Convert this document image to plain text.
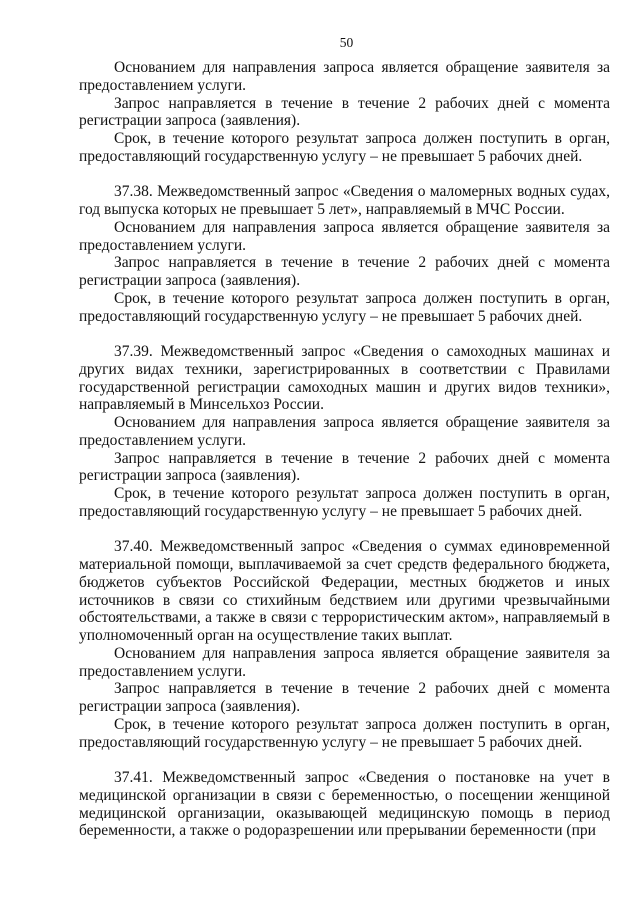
50
Основанием для направления запроса является обращение заявителя за предоставлением услуги.
Запрос направляется в течение в течение 2 рабочих дней с момента регистрации запроса (заявления).
Срок, в течение которого результат запроса должен поступить в орган, предоставляющий государственную услугу – не превышает 5 рабочих дней.
37.38. Межведомственный запрос «Сведения о маломерных водных судах, год выпуска которых не превышает 5 лет», направляемый в МЧС России.
Основанием для направления запроса является обращение заявителя за предоставлением услуги.
Запрос направляется в течение в течение 2 рабочих дней с момента регистрации запроса (заявления).
Срок, в течение которого результат запроса должен поступить в орган, предоставляющий государственную услугу – не превышает 5 рабочих дней.
37.39. Межведомственный запрос «Сведения о самоходных машинах и других видах техники, зарегистрированных в соответствии с Правилами государственной регистрации самоходных машин и других видов техники», направляемый в Минсельхоз России.
Основанием для направления запроса является обращение заявителя за предоставлением услуги.
Запрос направляется в течение в течение 2 рабочих дней с момента регистрации запроса (заявления).
Срок, в течение которого результат запроса должен поступить в орган, предоставляющий государственную услугу – не превышает 5 рабочих дней.
37.40. Межведомственный запрос «Сведения о суммах единовременной материальной помощи, выплачиваемой за счет средств федерального бюджета, бюджетов субъектов Российской Федерации, местных бюджетов и иных источников в связи со стихийным бедствием или другими чрезвычайными обстоятельствами, а также в связи с террористическим актом», направляемый в уполномоченный орган на осуществление таких выплат.
Основанием для направления запроса является обращение заявителя за предоставлением услуги.
Запрос направляется в течение в течение 2 рабочих дней с момента регистрации запроса (заявления).
Срок, в течение которого результат запроса должен поступить в орган, предоставляющий государственную услугу – не превышает 5 рабочих дней.
37.41. Межведомственный запрос «Сведения о постановке на учет в медицинской организации в связи с беременностью, о посещении женщиной медицинской организации, оказывающей медицинскую помощь в период беременности, а также о родоразрешении или прерывании беременности (при
